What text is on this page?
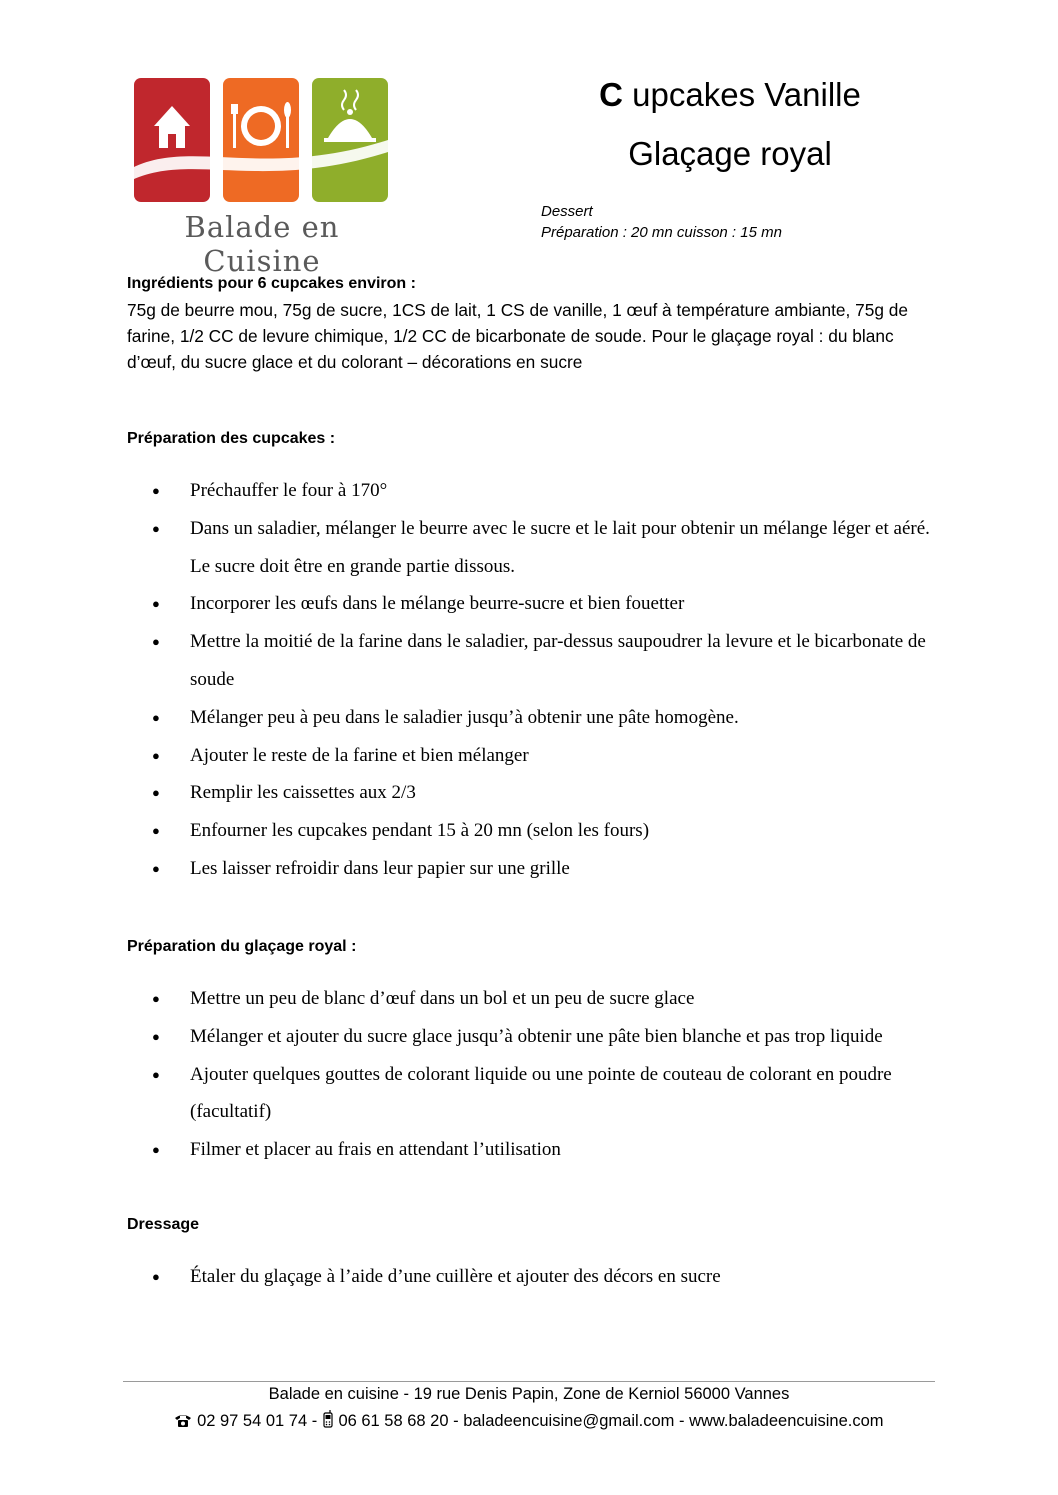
Balade en Cuisine
C upcakes Vanille
Glaçage royal
Dessert
Préparation : 20 mn cuisson : 15 mn
Ingrédients pour 6 cupcakes environ :
75g de beurre mou, 75g de sucre, 1CS de lait, 1 CS de vanille, 1 œuf à température ambiante, 75g de farine, 1/2 CC de levure chimique, 1/2 CC de bicarbonate de soude. Pour le glaçage royal : du blanc d’œuf, du sucre glace et du colorant – décorations en sucre
Préparation des cupcakes :
● Préchauffer le four à 170°
● Dans un saladier, mélanger le beurre avec le sucre et le lait pour obtenir un mélange léger et aéré. Le sucre doit être en grande partie dissous.
● Incorporer les œufs dans le mélange beurre-sucre et bien fouetter
● Mettre la moitié de la farine dans le saladier, par-dessus saupoudrer la levure et le bicarbonate de soude
● Mélanger peu à peu dans le saladier jusqu’à obtenir une pâte homogène.
● Ajouter le reste de la farine et bien mélanger
● Remplir les caissettes aux 2/3
● Enfourner les cupcakes pendant 15 à 20 mn (selon les fours)
● Les laisser refroidir dans leur papier sur une grille
Préparation du glaçage royal :
● Mettre un peu de blanc d’œuf dans un bol et un peu de sucre glace
● Mélanger et ajouter du sucre glace jusqu’à obtenir une pâte bien blanche et pas trop liquide
● Ajouter quelques gouttes de colorant liquide ou une pointe de couteau de colorant en poudre (facultatif)
● Filmer et placer au frais en attendant l’utilisation
Dressage
● Étaler du glaçage à l’aide d’une cuillère et ajouter des décors en sucre
Balade en cuisine - 19 rue Denis Papin, Zone de Kerniol 56000 Vannes
02 97 54 01 74 - 06 61 58 68 20 - baladeencuisine@gmail.com - www.baladeencuisine.com
